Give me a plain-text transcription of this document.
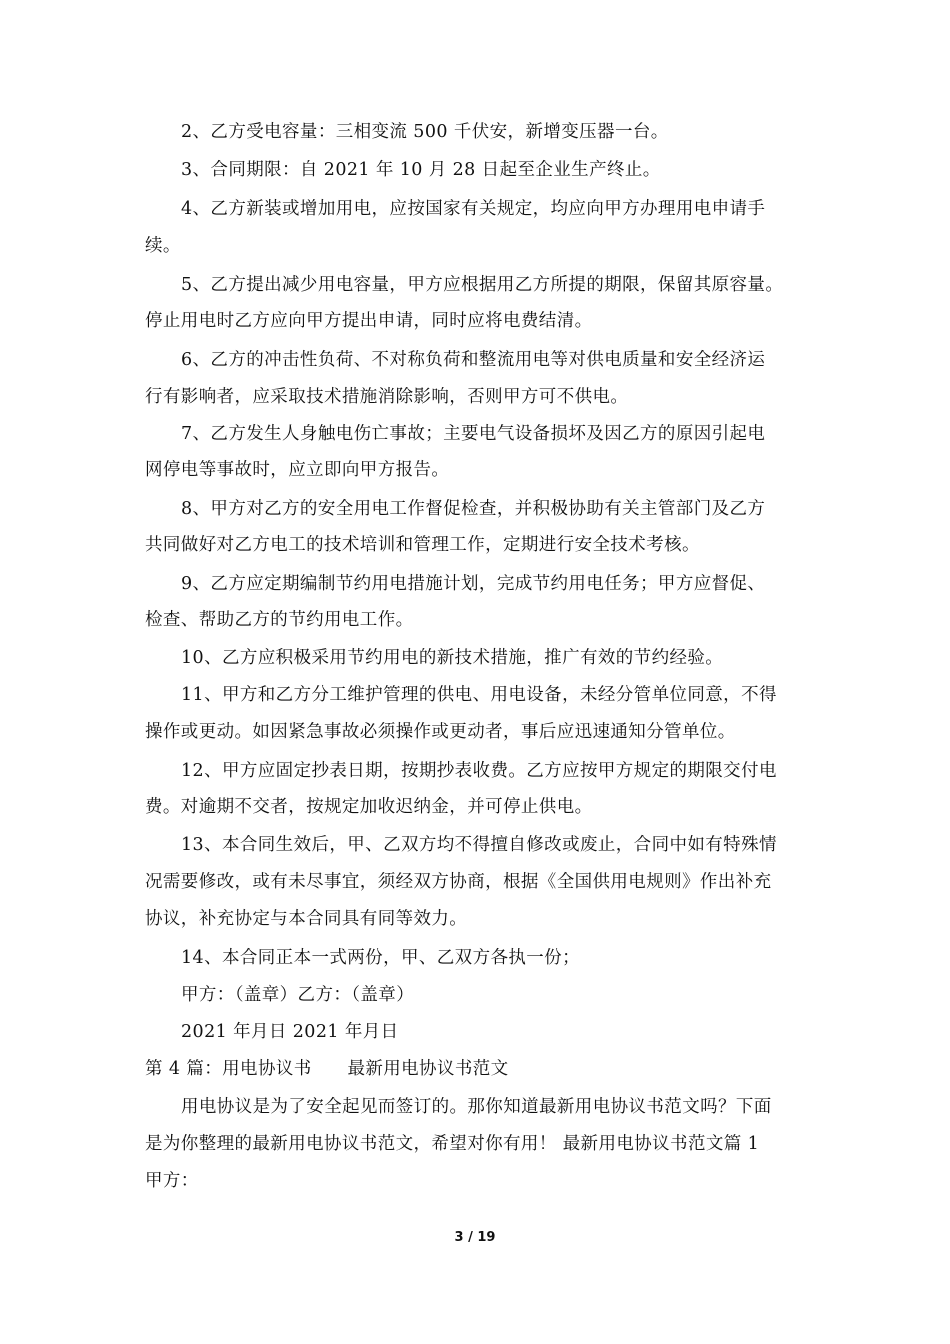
2、乙方受电容量：三相变流 500 千伏安，新增变压器一台。
3、合同期限：自 2021 年 10 月 28 日起至企业生产终止。
4、乙方新装或增加用电，应按国家有关规定，均应向甲方办理用电申请手
续。
5、乙方提出减少用电容量，甲方应根据用乙方所提的期限，保留其原容量。
停止用电时乙方应向甲方提出申请，同时应将电费结清。
6、乙方的冲击性负荷、不对称负荷和整流用电等对供电质量和安全经济运
行有影响者，应采取技术措施消除影响，否则甲方可不供电。
7、乙方发生人身触电伤亡事故；主要电气设备损坏及因乙方的原因引起电
网停电等事故时，应立即向甲方报告。
8、甲方对乙方的安全用电工作督促检查，并积极协助有关主管部门及乙方
共同做好对乙方电工的技术培训和管理工作，定期进行安全技术考核。
9、乙方应定期编制节约用电措施计划，完成节约用电任务；甲方应督促、
检查、帮助乙方的节约用电工作。
10、乙方应积极采用节约用电的新技术措施，推广有效的节约经验。
11、甲方和乙方分工维护管理的供电、用电设备，未经分管单位同意，不得
操作或更动。如因紧急事故必须操作或更动者，事后应迅速通知分管单位。
12、甲方应固定抄表日期，按期抄表收费。乙方应按甲方规定的期限交付电
费。对逾期不交者，按规定加收迟纳金，并可停止供电。
13、本合同生效后，甲、乙双方均不得擅自修改或废止，合同中如有特殊情
况需要修改，或有未尽事宜，须经双方协商，根据《全国供用电规则》作出补充
协议，补充协定与本合同具有同等效力。
14、本合同正本一式两份，甲、乙双方各执一份；
甲方：（盖章）乙方：（盖章）
2021 年月日 2021 年月日
第 4 篇：用电协议书　　最新用电协议书范文
用电协议是为了安全起见而签订的。那你知道最新用电协议书范文吗？下面
是为你整理的最新用电协议书范文，希望对你有用！ 最新用电协议书范文篇 1
甲方：
3 / 19
